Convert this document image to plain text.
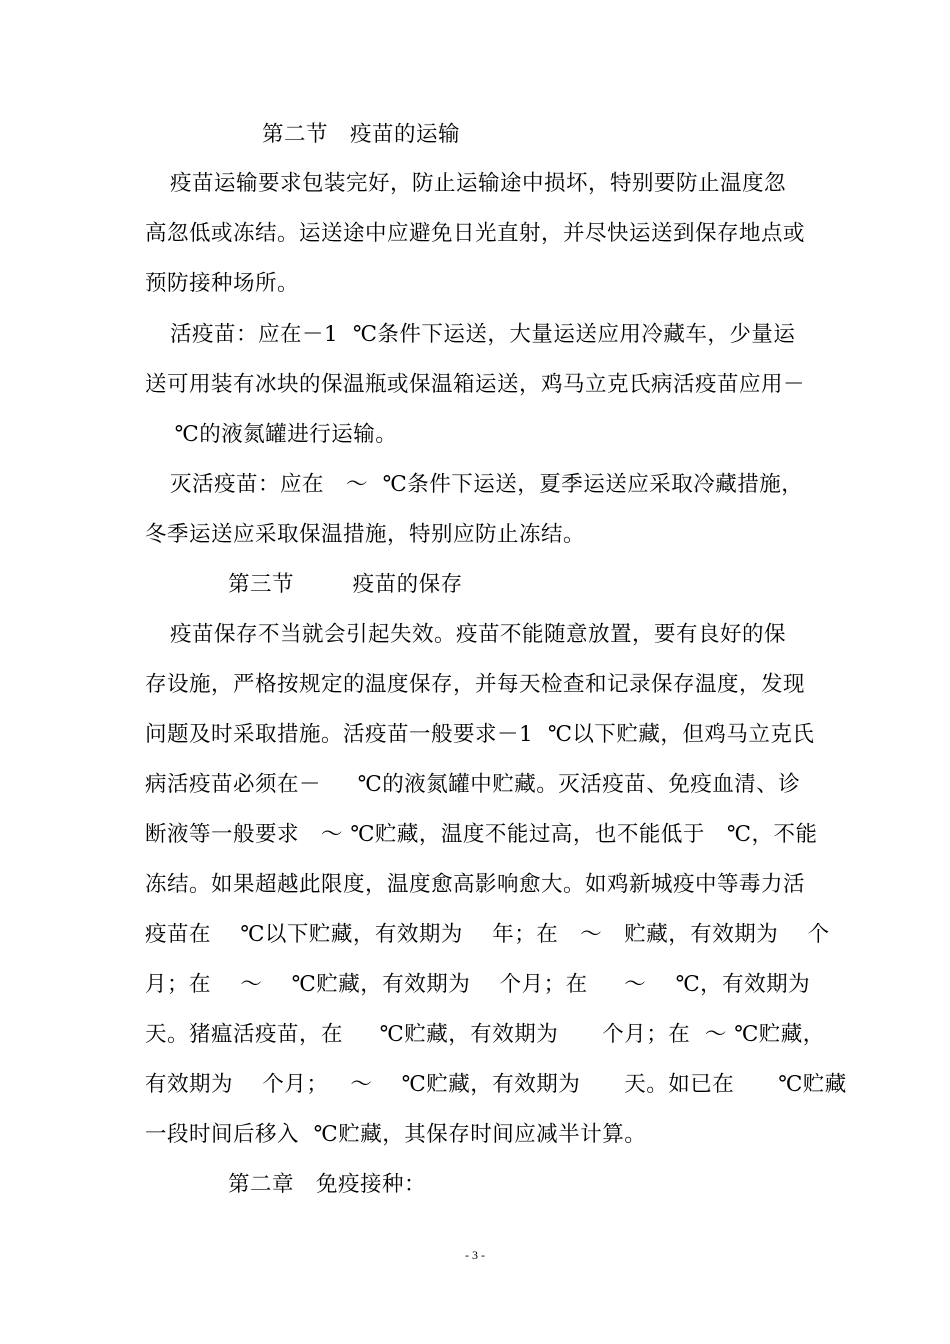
第二节　疫苗的运输
疫苗运输要求包装完好，防止运输途中损坏，特别要防止温度忽
高忽低或冻结。运送途中应避免日光直射，并尽快运送到保存地点或
预防接种场所。
活疫苗：应在－1  ℃条件下运送，大量运送应用冷藏车，少量运
送可用装有冰块的保温瓶或保温箱运送，鸡马立克氏病活疫苗应用－
℃的液氮罐进行运输。
灭活疫苗：应在   ～  ℃条件下运送，夏季运送应采取冷藏措施，
冬季运送应采取保温措施，特别应防止冻结。
第三节        疫苗的保存
疫苗保存不当就会引起失效。疫苗不能随意放置，要有良好的保
存设施，严格按规定的温度保存，并每天检查和记录保存温度，发现
问题及时采取措施。活疫苗一般要求－1  ℃以下贮藏，但鸡马立克氏
病活疫苗必须在－     ℃的液氮罐中贮藏。灭活疫苗、免疫血清、诊
断液等一般要求   ～ ℃贮藏，温度不能过高，也不能低于   ℃，不能
冻结。如果超越此限度，温度愈高影响愈大。如鸡新城疫中等毒力活
疫苗在    ℃以下贮藏，有效期为    年；在   ～   贮藏，有效期为    个
月；在    ～    ℃贮藏，有效期为    个月；在     ～    ℃，有效期为
天。猪瘟活疫苗，在     ℃贮藏，有效期为      个月；在  ～ ℃贮藏，
有效期为    个月；   ～    ℃贮藏，有效期为      天。如已在      ℃贮藏
一段时间后移入  ℃贮藏，其保存时间应减半计算。
第二章　免疫接种：
- 3 -
